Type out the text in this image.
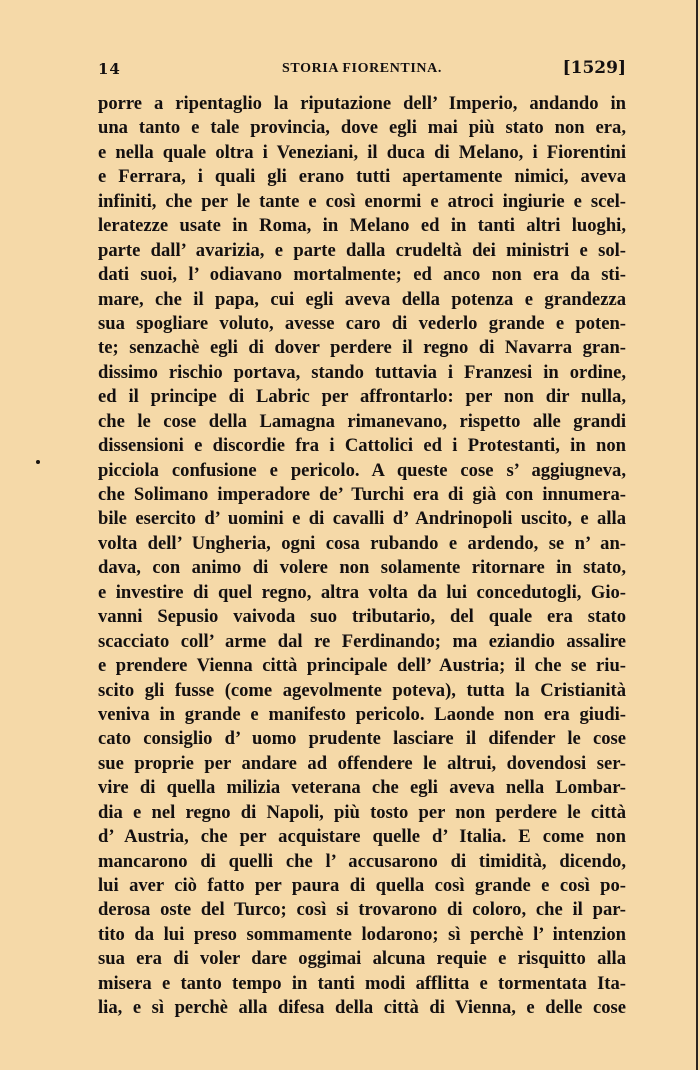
14	STORIA FIORENTINA.	[1529]
porre a ripentaglio la riputazione dell’ Imperio, andando in
una tanto e tale provincia, dove egli mai più stato non era,
e nella quale oltra i Veneziani, il duca di Melano, i Fiorentini
e Ferrara, i quali gli erano tutti apertamente nimici, aveva
infiniti, che per le tante e così enormi e atroci ingiurie e scel-
leratezze usate in Roma, in Melano ed in tanti altri luoghi,
parte dall’ avarizia, e parte dalla crudeltà dei ministri e sol-
dati suoi, l’ odiavano mortalmente; ed anco non era da sti-
mare, che il papa, cui egli aveva della potenza e grandezza
sua spogliare voluto, avesse caro di vederlo grande e poten-
te; senzachè egli di dover perdere il regno di Navarra gran-
dissimo rischio portava, stando tuttavia i Franzesi in ordine,
ed il principe di Labric per affrontarlo: per non dir nulla,
che le cose della Lamagna rimanevano, rispetto alle grandi
dissensioni e discordie fra i Cattolici ed i Protestanti, in non
picciola confusione e pericolo. A queste cose s’ aggiugneva,
che Solimano imperadore de’ Turchi era di già con innumera-
bile esercito d’ uomini e di cavalli d’ Andrinopoli uscito, e alla
volta dell’ Ungheria, ogni cosa rubando e ardendo, se n’ an-
dava, con animo di volere non solamente ritornare in stato,
e investire di quel regno, altra volta da lui concedutogli, Gio-
vanni Sepusio vaivoda suo tributario, del quale era stato
scacciato coll’ arme dal re Ferdinando; ma eziandio assalire
e prendere Vienna città principale dell’ Austria; il che se riu-
scito gli fusse (come agevolmente poteva), tutta la Cristianità
veniva in grande e manifesto pericolo. Laonde non era giudi-
cato consiglio d’ uomo prudente lasciare il difender le cose
sue proprie per andare ad offendere le altrui, dovendosi ser-
vire di quella milizia veterana che egli aveva nella Lombar-
dia e nel regno di Napoli, più tosto per non perdere le città
d’ Austria, che per acquistare quelle d’ Italia. E come non
mancarono di quelli che l’ accusarono di timidità, dicendo,
lui aver ciò fatto per paura di quella così grande e così po-
derosa oste del Turco; così si trovarono di coloro, che il par-
tito da lui preso sommamente lodarono; sì perchè l’ intenzion
sua era di voler dare oggimai alcuna requie e risquitto alla
misera e tanto tempo in tanti modi afflitta e tormentata Ita-
lia, e sì perchè alla difesa della città di Vienna, e delle cose
